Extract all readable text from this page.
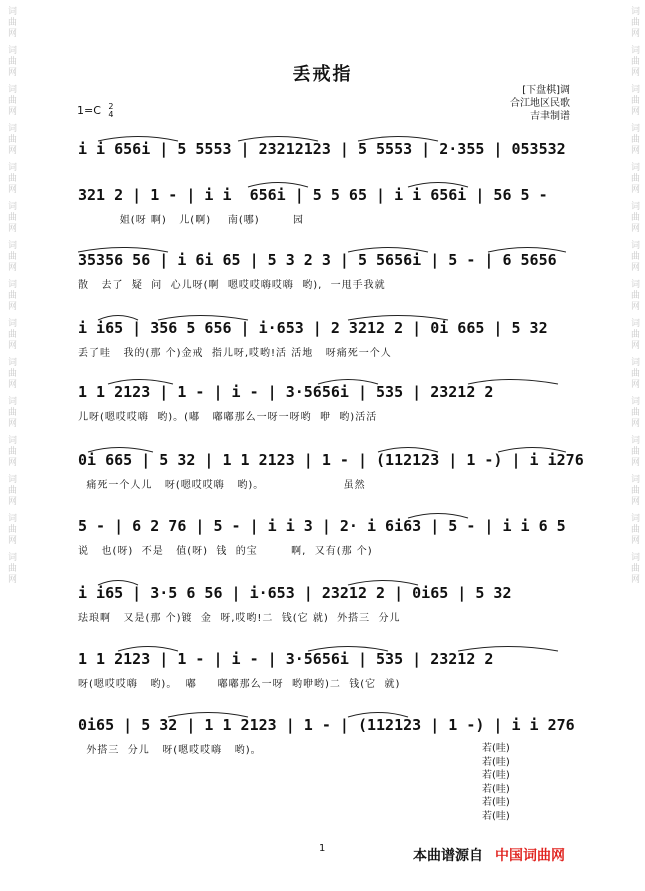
词曲网
词曲网
词曲网
词曲网
词曲网
词曲网
词曲网
词曲网
词曲网
词曲网
词曲网
词曲网
词曲网
词曲网
词曲网
词曲网
词曲网
词曲网
词曲网
词曲网
词曲网
词曲网
词曲网
词曲网
词曲网
词曲网
词曲网
词曲网
词曲网
词曲网
丢戒指
[下盘棋]调
合江地区民歌
吉聿制谱
1=C 2
4
i i 656i | 5 5553 | 23212123 | 5 5553 | 2·355 | 053532
321 2 | 1 - | i i  656i | 5 5 65 | i i 656i | 56 5 -
姐(呀 啊)   儿(啊)    南(哪)        园
35356 56 | i 6i 65 | 5 3 2 3 | 5 5656i | 5 - | 6 5656
散   去了  疑  问  心儿呀(啊  嗯哎哎嗨哎嗨  哟),  一甩手我就
i i65 | 356 5 656 | i·653 | 2 3212 2 | 0i 665 | 5 32
丢了哇   我的(那 个)金戒  指儿呀,哎哟!活 活地   呀痛死一个人
1 1 2123 | 1 - | i - | 3·5656i | 535 | 23212 2
儿呀(嗯哎哎嗨  哟)。(嘟   嘟嘟那么一呀一呀哟  咿  哟)活活
0i 665 | 5 32 | 1 1 2123 | 1 - | (112123 | 1 -) | i i276
痛死一个人儿   呀(嗯哎哎嗨   哟)。                   虽然
5 - | 6 2 76 | 5 - | i i 3 | 2· i 6i63 | 5 - | i i 6 5
说   也(呀)  不是   值(呀)  钱  的宝        啊,  又有(那 个)
i i65 | 3·5 6 56 | i·653 | 23212 2 | 0i65 | 5 32
珐琅啊   又是(那 个)镀  金  呀,哎哟!二  钱(它 就)  外搭三  分儿
1 1 2123 | 1 - | i - | 3·5656i | 535 | 23212 2
呀(嗯哎哎嗨   哟)。  嘟     嘟嘟那么一呀  哟咿哟)二  钱(它  就)
0i65 | 5 32 | 1 1 2123 | 1 - | (112123 | 1 -) | i i 276
外搭三  分儿   呀(嗯哎哎嗨   哟)。	若(哇)
若(哇)
若(哇)
若(哇)
若(哇)
若(哇)
1	本曲谱源自 中国词曲网
